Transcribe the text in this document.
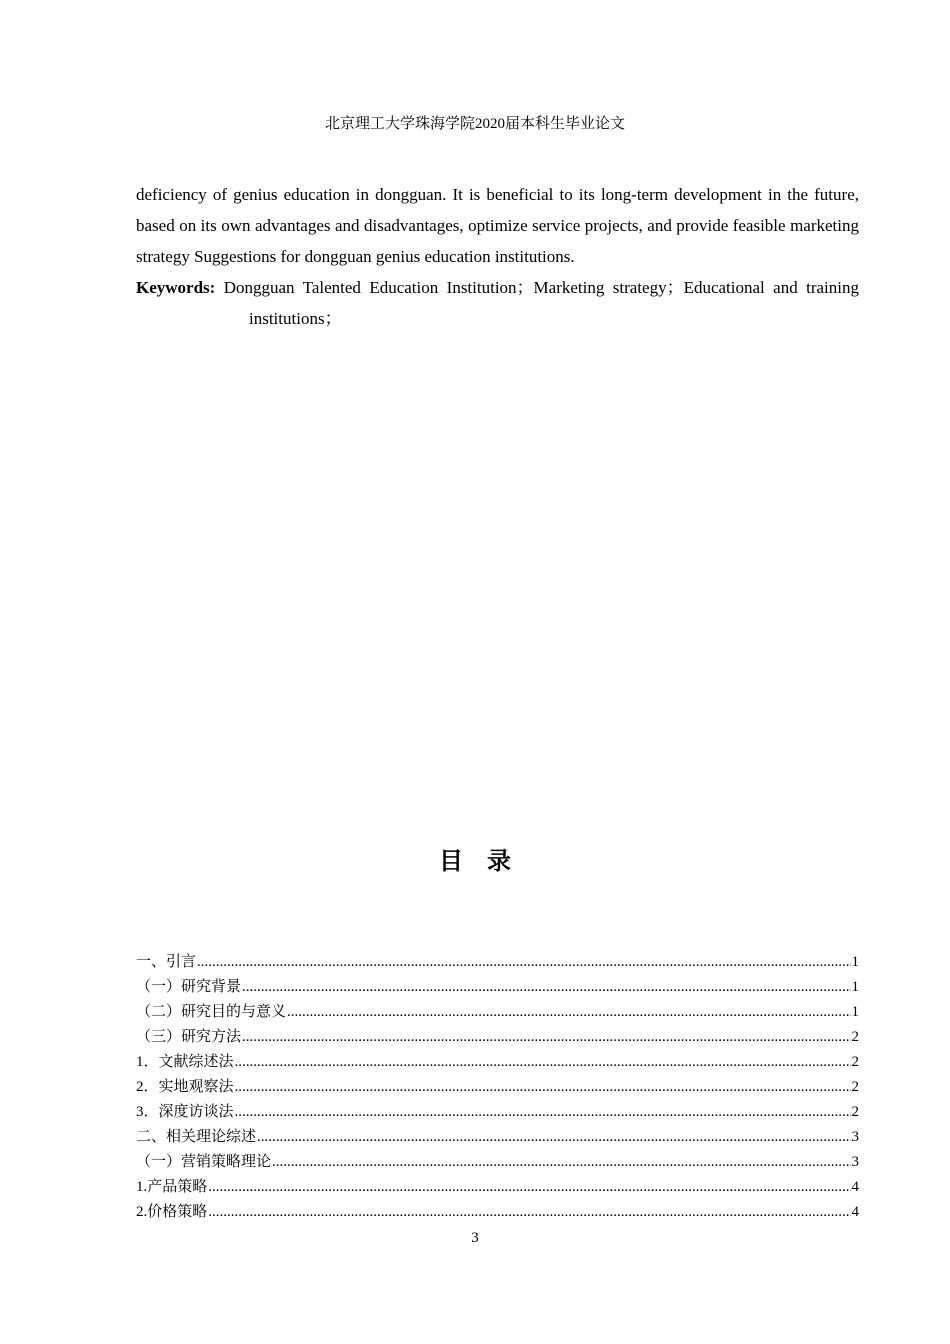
北京理工大学珠海学院2020届本科生毕业论文

deficiency of genius education in dongguan. It is beneficial to its long-term development in the future, based on its own advantages and disadvantages, optimize service projects, and provide feasible marketing strategy Suggestions for dongguan genius education institutions.

Keywords: Dongguan Talented Education Institution；Marketing strategy；Educational and training institutions；

目录
一、引言 .....	1
（一）研究背景 .....	1
（二）研究目的与意义 .....	1
（三）研究方法 .....	2
1．文献综述法 .....	2
2．实地观察法 .....	2
3．深度访谈法 .....	2
二、相关理论综述 .....	3
（一）营销策略理论 .....	3
1.产品策略 .....	4
2.价格策略 .....	4
3
